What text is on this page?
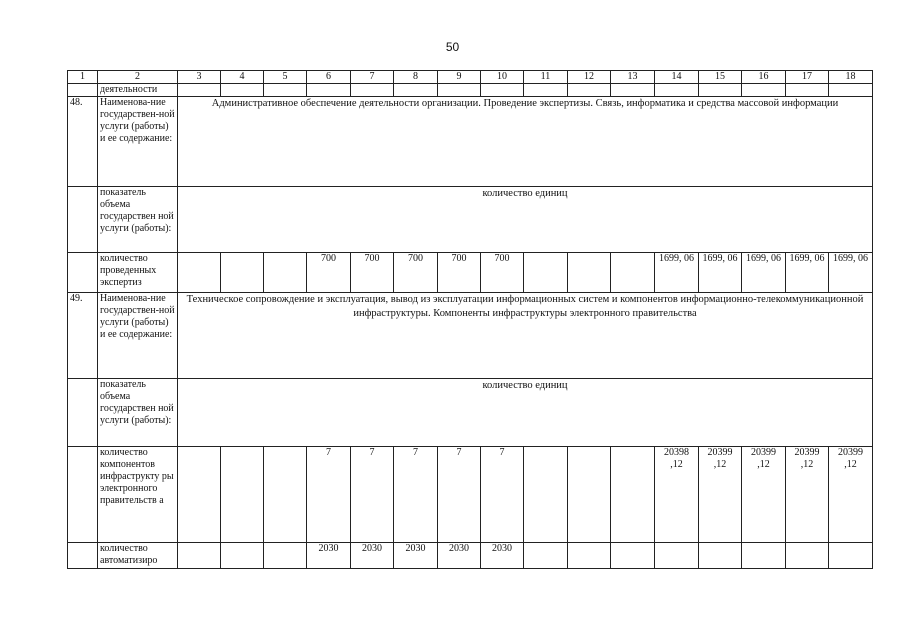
50
1	2	3	4	5	6	7	8	9	10	11	12	13	14	15	16	17	18
	деятельности																
48.	Наименова-ние государствен-ной услуги (работы) и ее содержание:	Административное обеспечение деятельности организации. Проведение экспертизы. Связь, информатика и средства массовой информации															
	показатель объема государствен ной услуги (работы):	количество единиц															
	количество проведенных экспертиз				700	700	700	700	700				1699, 06	1699, 06	1699, 06	1699, 06	1699, 06
49.	Наименова-ние государствен-ной услуги (работы) и ее содержание:	Техническое сопровождение и эксплуатация, вывод из эксплуатации информационных систем и компонентов информационно-телекоммуникационной инфраструктуры. Компоненты инфраструктуры электронного правительства															
	показатель объема государствен ной услуги (работы):	количество единиц															
	количество компонентов инфраструкту ры электронного правительств а				7	7	7	7	7				20398 ,12	20399 ,12	20399 ,12	20399 ,12	20399 ,12
	количество автоматизиро				2030	2030	2030	2030	2030								
